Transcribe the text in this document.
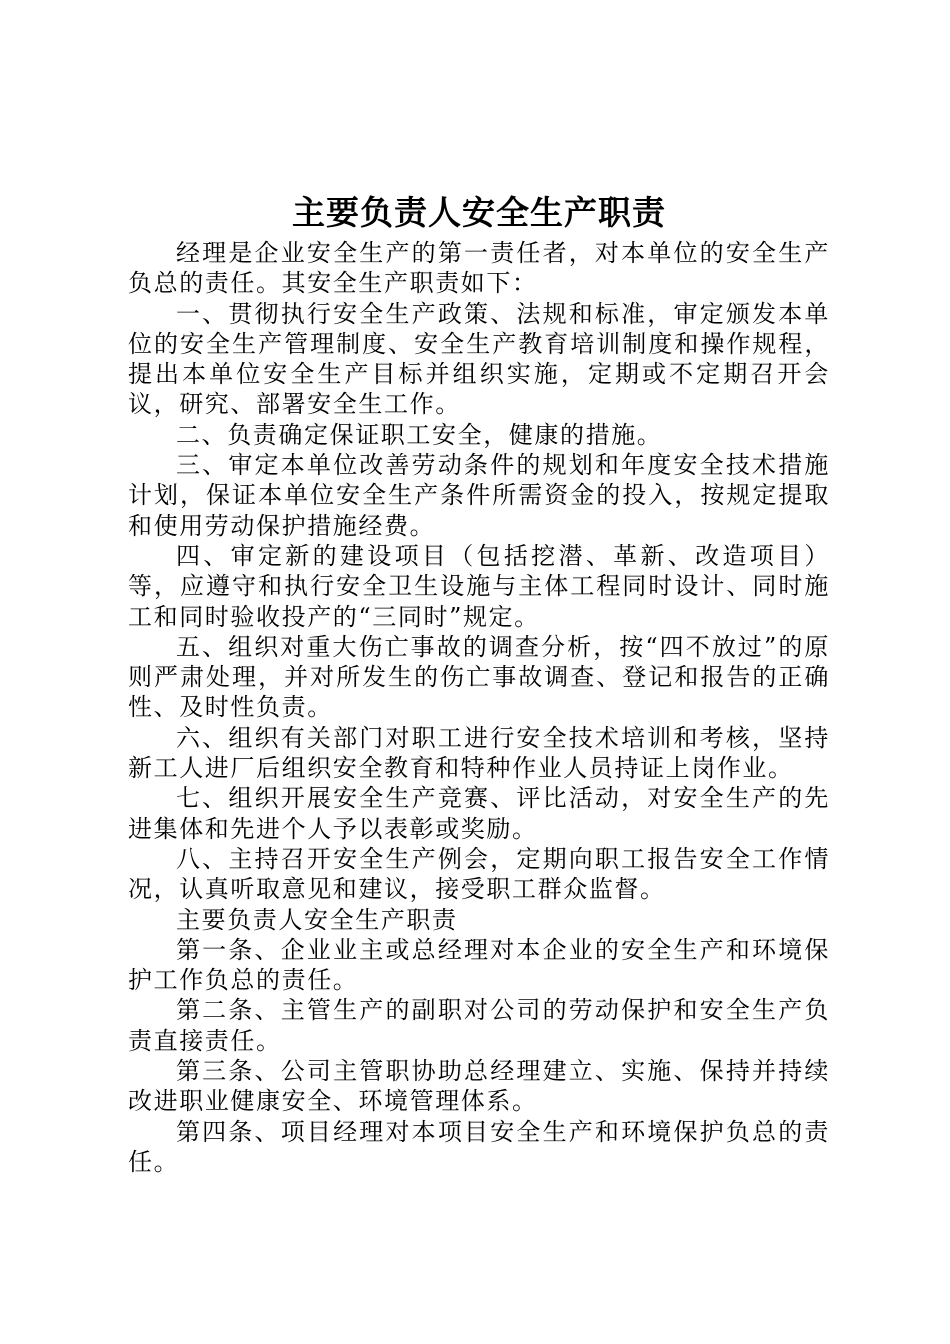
主要负责人安全生产职责

经理是企业安全生产的第一责任者，对本单位的安全生产负总的责任。其安全生产职责如下：

一、贯彻执行安全生产政策、法规和标准，审定颁发本单位的安全生产管理制度、安全生产教育培训制度和操作规程，提出本单位安全生产目标并组织实施，定期或不定期召开会议，研究、部署安全生工作。

二、负责确定保证职工安全，健康的措施。

三、审定本单位改善劳动条件的规划和年度安全技术措施计划，保证本单位安全生产条件所需资金的投入，按规定提取和使用劳动保护措施经费。

四、审定新的建设项目（包括挖潜、革新、改造项目）等，应遵守和执行安全卫生设施与主体工程同时设计、同时施工和同时验收投产的“三同时”规定。

五、组织对重大伤亡事故的调查分析，按“四不放过”的原则严肃处理，并对所发生的伤亡事故调查、登记和报告的正确性、及时性负责。

六、组织有关部门对职工进行安全技术培训和考核，坚持新工人进厂后组织安全教育和特种作业人员持证上岗作业。

七、组织开展安全生产竞赛、评比活动，对安全生产的先进集体和先进个人予以表彰或奖励。

八、主持召开安全生产例会，定期向职工报告安全工作情况，认真听取意见和建议，接受职工群众监督。

主要负责人安全生产职责

第一条、企业业主或总经理对本企业的安全生产和环境保护工作负总的责任。

第二条、主管生产的副职对公司的劳动保护和安全生产负责直接责任。

第三条、公司主管职协助总经理建立、实施、保持并持续改进职业健康安全、环境管理体系。

第四条、项目经理对本项目安全生产和环境保护负总的责任。
